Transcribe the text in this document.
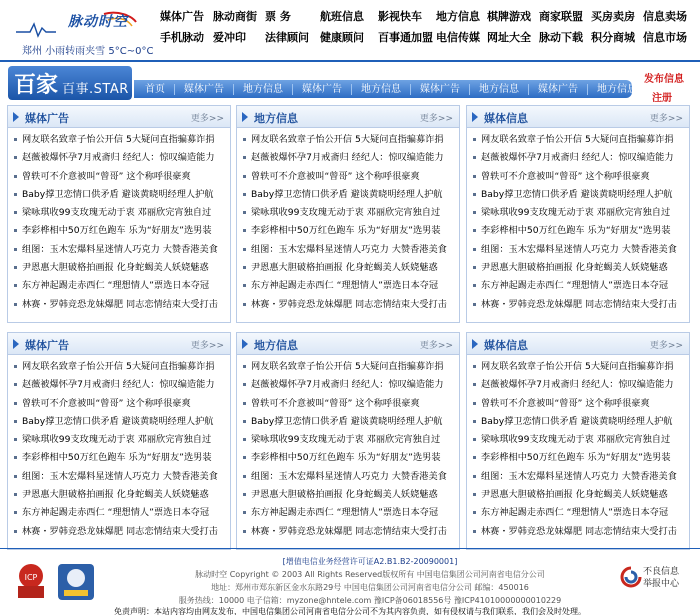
脉动时空
郑州 小雨转雨夹雪 5°C~0°C
媒体广告 脉动商街 票 务	航班信息	影视快车	地方信息 棋牌游戏 商家联盟 买房卖房 信息卖场
手机脉动 爱冲印	法律顾问	健康顾问	百事通加盟 电信传媒 网址大全 脉动下载 积分商城 信息市场
百家 百事.STAR	首页	媒体广告	地方信息	媒体广告	地方信息	媒体广告	地方信息	媒体广告	地方信息
发布信息
注册
媒体广告	更多>>
网友联名致章子怡公开信 5大疑问直指骗募诈捐
赵薇被爆怀孕7月戒斋归 经纪人：惊叹编造能力
曾轶可不介意被叫“曾哥” 这个称呼很豪爽
Baby撑卫恋情口供矛盾 避谈黄晓明经理人护航
梁咏琪收99支玫瑰无动于衷 邓丽欣完宵独自过
李彩桦相中50万红色跑车 乐为“好朋友”选男装
组图：玉木宏爆料星迷情人巧克力 大赞香港美食
尹恩惠大胆破格拍画报 化身蛇蝎美人妖娆魅惑
东方神起踢走赤西仁 “理想情人”票选日本夺冠
林赛・罗韩竞恐龙妹爆肥 同志恋情结束大受打击
地方信息	更多>>
网友联名致章子怡公开信 5大疑问直指骗募诈捐
赵薇被爆怀孕7月戒斋归 经纪人：惊叹编造能力
曾轶可不介意被叫“曾哥” 这个称呼很豪爽
Baby撑卫恋情口供矛盾 避谈黄晓明经理人护航
梁咏琪收99支玫瑰无动于衷 邓丽欣完宵独自过
李彩桦相中50万红色跑车 乐为“好朋友”选男装
组图：玉木宏爆料星迷情人巧克力 大赞香港美食
尹恩惠大胆破格拍画报 化身蛇蝎美人妖娆魅惑
东方神起踢走赤西仁 “理想情人”票选日本夺冠
林赛・罗韩竞恐龙妹爆肥 同志恋情结束大受打击
媒体信息	更多>>
网友联名致章子怡公开信 5大疑问直指骗募诈捐
赵薇被爆怀孕7月戒斋归 经纪人：惊叹编造能力
曾轶可不介意被叫“曾哥” 这个称呼很豪爽
Baby撑卫恋情口供矛盾 避谈黄晓明经理人护航
梁咏琪收99支玫瑰无动于衷 邓丽欣完宵独自过
李彩桦相中50万红色跑车 乐为“好朋友”选男装
组图：玉木宏爆料星迷情人巧克力 大赞香港美食
尹恩惠大胆破格拍画报 化身蛇蝎美人妖娆魅惑
东方神起踢走赤西仁 “理想情人”票选日本夺冠
林赛・罗韩竞恐龙妹爆肥 同志恋情结束大受打击
媒体广告	更多>>
网友联名致章子怡公开信 5大疑问直指骗募诈捐
赵薇被爆怀孕7月戒斋归 经纪人：惊叹编造能力
曾轶可不介意被叫“曾哥” 这个称呼很豪爽
Baby撑卫恋情口供矛盾 避谈黄晓明经理人护航
梁咏琪收99支玫瑰无动于衷 邓丽欣完宵独自过
李彩桦相中50万红色跑车 乐为“好朋友”选男装
组图：玉木宏爆料星迷情人巧克力 大赞香港美食
尹恩惠大胆破格拍画报 化身蛇蝎美人妖娆魅惑
东方神起踢走赤西仁 “理想情人”票选日本夺冠
林赛・罗韩竞恐龙妹爆肥 同志恋情结束大受打击
地方信息	更多>>
网友联名致章子怡公开信 5大疑问直指骗募诈捐
赵薇被爆怀孕7月戒斋归 经纪人：惊叹编造能力
曾轶可不介意被叫“曾哥” 这个称呼很豪爽
Baby撑卫恋情口供矛盾 避谈黄晓明经理人护航
梁咏琪收99支玫瑰无动于衷 邓丽欣完宵独自过
李彩桦相中50万红色跑车 乐为“好朋友”选男装
组图：玉木宏爆料星迷情人巧克力 大赞香港美食
尹恩惠大胆破格拍画报 化身蛇蝎美人妖娆魅惑
东方神起踢走赤西仁 “理想情人”票选日本夺冠
林赛・罗韩竞恐龙妹爆肥 同志恋情结束大受打击
媒体信息	更多>>
网友联名致章子怡公开信 5大疑问直指骗募诈捐
赵薇被爆怀孕7月戒斋归 经纪人：惊叹编造能力
曾轶可不介意被叫“曾哥” 这个称呼很豪爽
Baby撑卫恋情口供矛盾 避谈黄晓明经理人护航
梁咏琪收99支玫瑰无动于衷 邓丽欣完宵独自过
李彩桦相中50万红色跑车 乐为“好朋友”选男装
组图：玉木宏爆料星迷情人巧克力 大赞香港美食
尹恩惠大胆破格拍画报 化身蛇蝎美人妖娆魅惑
东方神起踢走赤西仁 “理想情人”票选日本夺冠
林赛・罗韩竞恐龙妹爆肥 同志恋情结束大受打击
ICP
[增值电信业务经营许可证A2.B1.B2-20090001]
脉动时空 Copyright © 2003 All Rights Reserved版权所有 中国电信集团公司河南省电信分公司
地址：郑州市郑东新区金水东路29号 中国电信集团公司河南省电信分公司 邮编：450016
服务热线：10000 电子信箱：myzone@hntele.com 豫ICP备06018556号 豫ICP41010000000010229
免责声明：本站内容均由网友发布，中国电信集团公司河南省电信分公司不为其内容负责，如有侵权请与我们联系，我们会及时处理。
不良信息
举报中心
